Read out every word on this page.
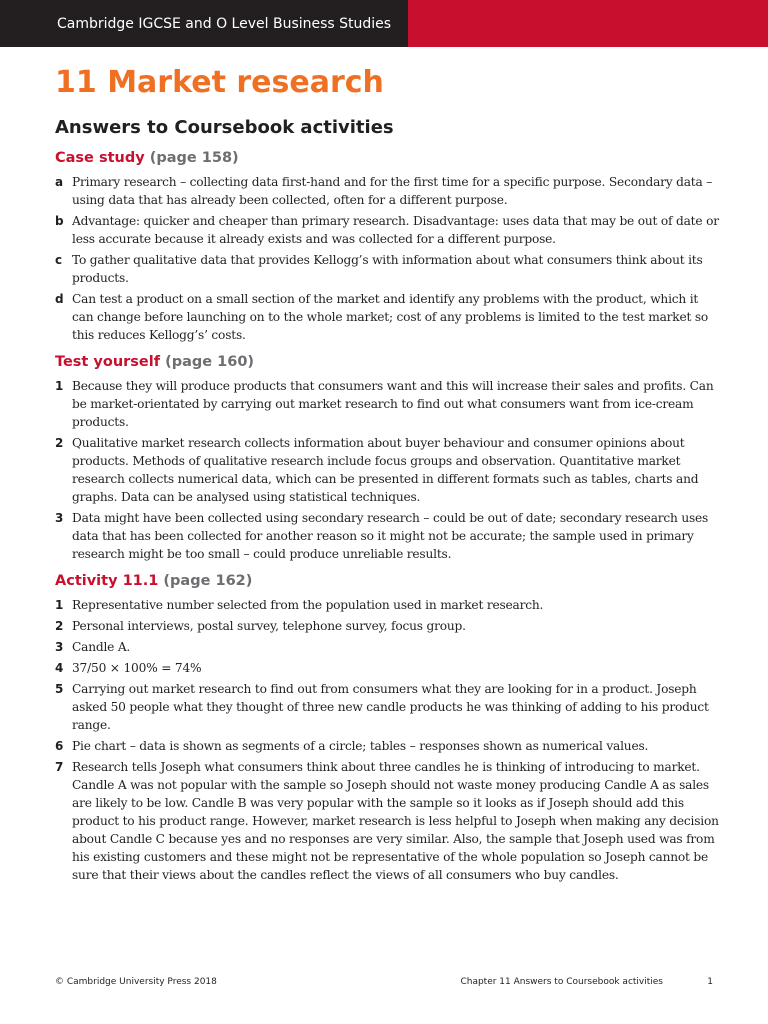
Cambridge IGCSE and O Level Business Studies
11 Market research
Answers to Coursebook activities
Case study (page 158)
a Primary research – collecting data first-hand and for the first time for a specific purpose. Secondary data – using data that has already been collected, often for a different purpose.
b Advantage: quicker and cheaper than primary research. Disadvantage: uses data that may be out of date or less accurate because it already exists and was collected for a different purpose.
c To gather qualitative data that provides Kellogg’s with information about what consumers think about its products.
d Can test a product on a small section of the market and identify any problems with the product, which it can change before launching on to the whole market; cost of any problems is limited to the test market so this reduces Kellogg’s’ costs.
Test yourself (page 160)
1 Because they will produce products that consumers want and this will increase their sales and profits. Can be market-orientated by carrying out market research to find out what consumers want from ice-cream products.
2 Qualitative market research collects information about buyer behaviour and consumer opinions about products. Methods of qualitative research include focus groups and observation. Quantitative market research collects numerical data, which can be presented in different formats such as tables, charts and graphs. Data can be analysed using statistical techniques.
3 Data might have been collected using secondary research – could be out of date; secondary research uses data that has been collected for another reason so it might not be accurate; the sample used in primary research might be too small – could produce unreliable results.
Activity 11.1 (page 162)
1 Representative number selected from the population used in market research.
2 Personal interviews, postal survey, telephone survey, focus group.
3 Candle A.
4 37/50 × 100% = 74%
5 Carrying out market research to find out from consumers what they are looking for in a product. Joseph asked 50 people what they thought of three new candle products he was thinking of adding to his product range.
6 Pie chart – data is shown as segments of a circle; tables – responses shown as numerical values.
7 Research tells Joseph what consumers think about three candles he is thinking of introducing to market. Candle A was not popular with the sample so Joseph should not waste money producing Candle A as sales are likely to be low. Candle B was very popular with the sample so it looks as if Joseph should add this product to his product range. However, market research is less helpful to Joseph when making any decision about Candle C because yes and no responses are very similar. Also, the sample that Joseph used was from his existing customers and these might not be representative of the whole population so Joseph cannot be sure that their views about the candles reflect the views of all consumers who buy candles.
© Cambridge University Press 2018	Chapter 11 Answers to Coursebook activities	1
